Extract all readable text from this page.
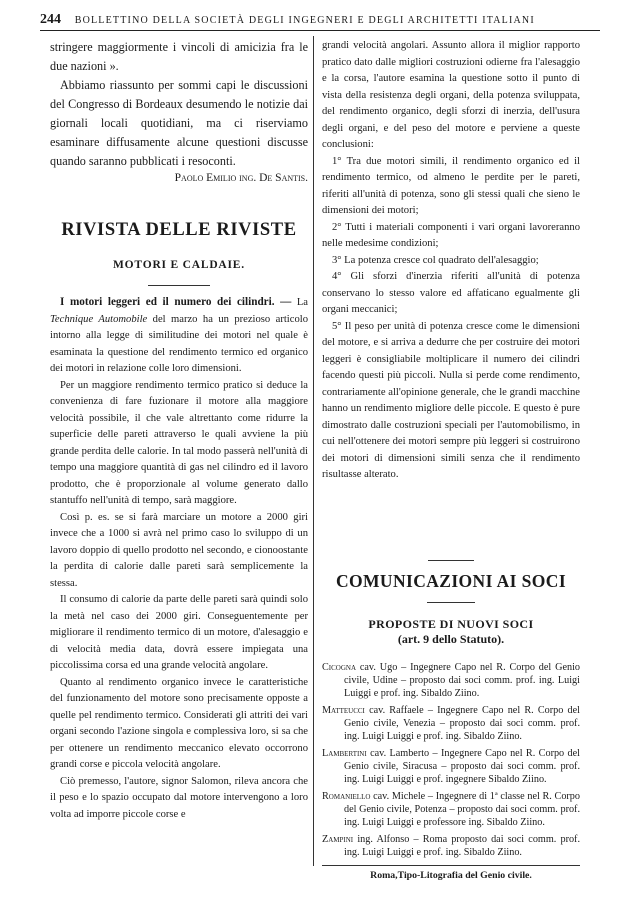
244 BOLLETTINO DELLA SOCIETÀ DEGLI INGEGNERI E DEGLI ARCHITETTI ITALIANI

stringere maggiormente i vincoli di amicizia fra le due nazioni ».

Abbiamo riassunto per sommi capi le discussioni del Congresso di Bordeaux desumendo le notizie dai giornali locali quotidiani, ma ci riserviamo esaminare diffusamente alcune questioni discusse quando saranno pubblicati i resoconti.

Paolo Emilio ing. De Santis.
RIVISTA DELLE RIVISTE
MOTORI E CALDAIE.

I motori leggeri ed il numero dei cilindri. — La Technique Automobile del marzo ha un prezioso articolo intorno alla legge di similitudine dei motori nel quale è esaminata la questione del rendimento termico ed organico dei motori in relazione colle loro dimensioni.

Per un maggiore rendimento termico pratico si deduce la convenienza di fare fuzionare il motore alla maggiore velocità possibile, il che vale altrettanto come ridurre la superficie delle pareti attraverso le quali avviene la più grande perdita delle calorie. In tal modo passerà nell'unità di tempo una maggiore quantità di gas nel cilindro ed il lavoro prodotto, che è proporzionale al volume generato dallo stantuffo nell'unità di tempo, sarà maggiore.

Così p. es. se si farà marciare un motore a 2000 giri invece che a 1000 si avrà nel primo caso lo sviluppo di un lavoro doppio di quello prodotto nel secondo, e cionoostante la perdita di calorie dalle pareti sarà semplicemente la stessa.

Il consumo di calorie da parte delle pareti sarà quindi solo la metà nel caso dei 2000 giri. Conseguentemente per migliorare il rendimento termico di un motore, d'alesaggio e di velocità media data, dovrà essere impiegata una piccolissima corsa ed una grande velocità angolare.

Quanto al rendimento organico invece le caratteristiche del funzionamento del motore sono precisamente opposte a quelle pel rendimento termico. Considerati gli attriti dei vari organi secondo l'azione singola e complessiva loro, si sa che per ottenere un rendimento meccanico elevato occorrono grandi corse e piccola velocità angolare.

Ciò premesso, l'autore, signor Salomon, rileva ancora che il peso e lo spazio occupato dal motore intervengono a loro volta ad imporre piccole corse e

grandi velocità angolari. Assunto allora il miglior rapporto pratico dato dalle migliori costruzioni odierne fra l'alesaggio e la corsa, l'autore esamina la questione sotto il punto di vista della resistenza degli organi, della potenza sviluppata, del rendimento organico, degli sforzi di inerzia, dell'usura degli organi, e del peso del motore e perviene a queste conclusioni:

1° Tra due motori simili, il rendimento organico ed il rendimento termico, od almeno le perdite per le pareti, riferiti all'unità di potenza, sono gli stessi quali che sieno le dimensioni dei motori;

2° Tutti i materiali componenti i vari organi lavoreranno nelle medesime condizioni;

3° La potenza cresce col quadrato dell'alesaggio;

4° Gli sforzi d'inerzia riferiti all'unità di potenza conservano lo stesso valore ed affaticano egualmente gli organi meccanici;

5° Il peso per unità di potenza cresce come le dimensioni del motore, e si arriva a dedurre che per costruire dei motori leggeri è consigliabile moltiplicare il numero dei cilindri facendo questi più piccoli. Nulla si perde come rendimento, contrariamente all'opinione generale, che le grandi macchine hanno un rendimento migliore delle piccole. E questo è pure dimostrato dalle costruzioni speciali per l'automobilismo, in cui nell'ottenere dei motori sempre più leggeri si costruirono dei motori di dimensioni simili senza che il rendimento risultasse alterato.

COMUNICAZIONI AI SOCI
PROPOSTE DI NUOVI SOCI
(art. 9 dello Statuto).
Cicogna cav. Ugo – Ingegnere Capo nel R. Corpo del Genio civile, Udine – proposto dai soci comm. prof. ing. Luigi Luiggi e prof. ing. Sibaldo Ziino.
Matteucci cav. Raffaele – Ingegnere Capo nel R. Corpo del Genio civile, Venezia – proposto dai soci comm. prof. ing. Luigi Luiggi e prof. ing. Sibaldo Ziino.
Lambertini cav. Lamberto – Ingegnere Capo nel R. Corpo del Genio civile, Siracusa – proposto dai soci comm. prof. ing. Luigi Luiggi e prof. ingegnere Sibaldo Ziino.
Romaniello cav. Michele – Ingegnere di 1ª classe nel R. Corpo del Genio civile, Potenza – proposto dai soci comm. prof. ing. Luigi Luiggi e professore ing. Sibaldo Ziino.
Zampini ing. Alfonso – Roma proposto dai soci comm. prof. ing. Luigi Luiggi e prof. ing. Sibaldo Ziino.
Roma,Tipo-Litografia del Genio civile.
